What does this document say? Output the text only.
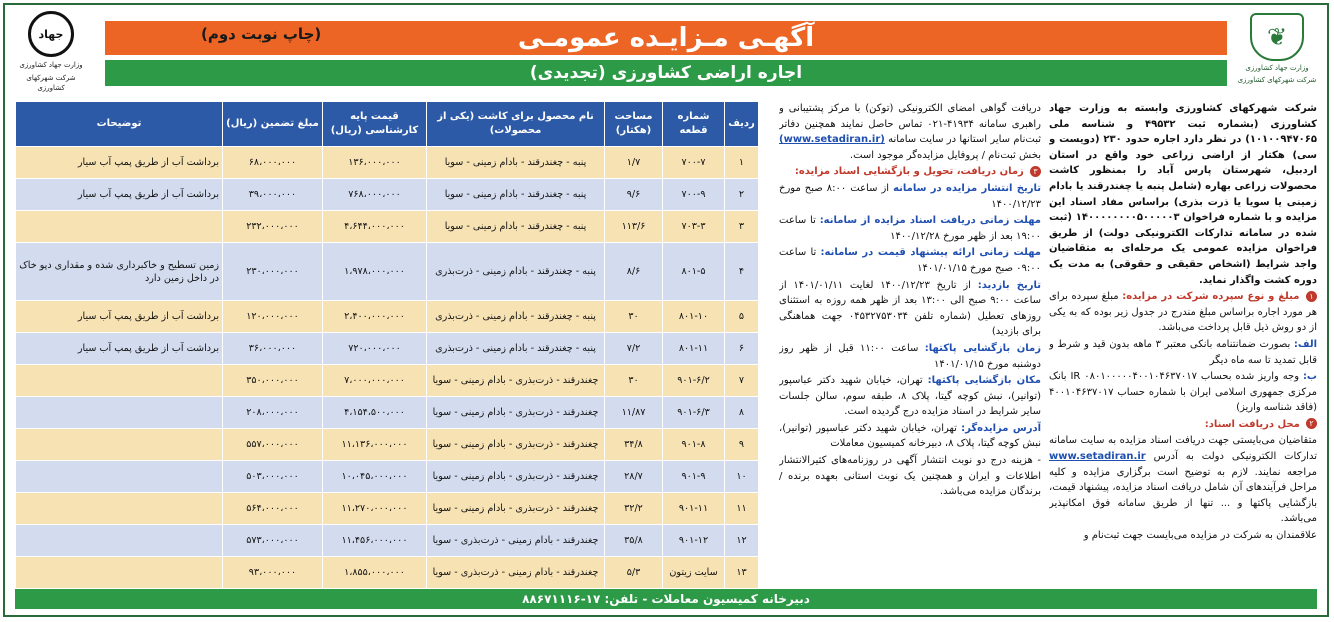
❦
وزارت جهاد کشاورزی
شرکت شهرکهای کشاورزی
جهاد
وزارت جهاد کشاورزی
شرکت شهرکهای کشاورزی
آگهـی مـزایـده عمومـی
(چاپ نوبت دوم)
اجاره اراضی کشاورزی (تجدیدی)

شرکت شهرکهای کشاورزی وابسته به وزارت جهاد کشاورزی (بشماره ثبت ۴۹۵۳۲ و شناسه ملی ۱۰۱۰۰۹۴۷۰۶۵) در نظر دارد اجاره حدود ۲۳۰ (دویست و سی) هکتار از اراضی زراعی خود واقع در استان اردبیل، شهرستان پارس آباد را بمنظور کاشت محصولات زراعی بهاره (شامل پنبه یا چغندرقند یا بادام زمینی یا سویا یا ذرت بذری) براساس مفاد اسناد این مزایده و با شماره فراخوان ۱۴۰۰۰۰۰۰۰۰۵۰۰۰۰۰۳ (ثبت شده در سامانه تدارکات الکترونیکی دولت) از طریق فراخوان مزایده عمومی یک مرحله‌ای به متقاضیان واجد شرایط (اشخاص حقیقی و حقوقی) به مدت یک دوره کشت واگذار نماید.

۱ مبلغ و نوع سپرده شرکت در مزایده: مبلغ سپرده برای هر مورد اجاره براساس مبلغ مندرج در جدول زیر بوده که به یکی از دو روش ذیل قابل پرداخت می‌باشد.

الف: بصورت ضمانتنامه بانکی معتبر ۳ ماهه بدون قید و شرط و قابل تمدید تا سه ماه دیگر

ب: وجه واریز شده بحساب IR ۰۸۰۱۰۰۰۰۰۴۰۰۱۰۴۶۳۷۰۱۷ بانک مرکزی جمهوری اسلامی ایران با شماره حساب ۴۰۰۱۰۴۶۳۷۰۱۷ (فاقد شناسه واریز)

۲ محل دریافت اسناد:

متقاضیان می‌بایستی جهت دریافت اسناد مزایده به سایت سامانه تدارکات الکترونیکی دولت به آدرس www.setadiran.ir مراجعه نمایند. لازم به توضیح است برگزاری مزایده و کلیه مراحل فرآیندهای آن شامل دریافت اسناد مزایده، پیشنهاد قیمت، بازگشایی پاکتها و ... تنها از طریق سامانه فوق امکانپذیر می‌باشد.

علاقمندان به شرکت در مزایده می‌بایست جهت ثبت‌نام و

دریافت گواهی امضای الکترونیکی (توکن) با مرکز پشتیبانی و راهبری سامانه ۴۱۹۳۴-۰۲۱ تماس حاصل نمایند همچنین دفاتر ثبت‌نام سایر استانها در سایت سامانه (www.setadiran.ir) بخش ثبت‌نام / پروفایل مزایده‌گر موجود است.

۳ زمان دریافت، تحویل و بازگشایی اسناد مزایده:

تاریخ انتشار مزایده در سامانه از ساعت ۸:۰۰ صبح مورخ ۱۴۰۰/۱۲/۲۳

مهلت زمانی دریافت اسناد مزایده از سامانه: تا ساعت ۱۹:۰۰ بعد از ظهر مورخ ۱۴۰۰/۱۲/۲۸

مهلت زمانی ارائه پیشنهاد قیمت در سامانه: تا ساعت ۰۹:۰۰ صبح مورخ ۱۴۰۱/۰۱/۱۵

تاریخ بازدید: از تاریخ ۱۴۰۰/۱۲/۲۳ لغایت ۱۴۰۱/۰۱/۱۱ از ساعت ۹:۰۰ صبح الی ۱۳:۰۰ بعد از ظهر همه روزه به استثنای روزهای تعطیل (شماره تلفن ۰۴۵۳۲۷۵۳۰۳۴ جهت هماهنگی برای بازدید)

زمان بازگشایی پاکتها: ساعت ۱۱:۰۰ قبل از ظهر روز دوشنبه مورخ ۱۴۰۱/۰۱/۱۵

مکان بازگشایی پاکتها: تهران، خیابان شهید دکتر عباسپور (توانیر)، نبش کوچه گیتا، پلاک ۸، طبقه سوم، سالن جلسات سایر شرایط در اسناد مزایده درج گردیده است.

آدرس مزایده‌گر: تهران، خیابان شهید دکتر عباسپور (توانیر)، نبش کوچه گیتا، پلاک ۸، دبیرخانه کمیسیون معاملات

- هزینه درج دو نوبت انتشار آگهی در روزنامه‌های کثیرالانتشار اطلاعات و ایران و همچنین یک نوبت استانی بعهده برنده / برندگان مزایده می‌باشد.

ردیف	شماره قطعه	مساحت (هکتار)	نام محصول برای کاشت (یکی از محصولات)	قیمت پایه کارشناسی (ریال)	مبلغ تضمین (ریال)	توضیحات
۱	۷۰۰-۷	۱/۷	پنبه - چغندرقند - بادام زمینی - سویا	۱۳۶،۰۰۰،۰۰۰	۶۸،۰۰۰،۰۰۰	برداشت آب از طریق پمپ آب سیار
۲	۷۰۰-۹	۹/۶	پنبه - چغندرقند - بادام زمینی - سویا	۷۶۸،۰۰۰،۰۰۰	۳۹،۰۰۰،۰۰۰	برداشت آب از طریق پمپ آب سیار
۳	۷۰۳-۳	۱۱۳/۶	پنبه - چغندرقند - بادام زمینی - سویا	۴،۶۴۴،۰۰۰،۰۰۰	۲۳۲،۰۰۰،۰۰۰	
۴	۸۰۱-۵	۸/۶	پنبه - چغندرقند - بادام زمینی - ذرت‌بذری	۱،۹۷۸،۰۰۰،۰۰۰	۲۳۰،۰۰۰،۰۰۰	زمین تسطیح و خاکبرداری شده و مقداری دپو خاک در داخل زمین دارد
۵	۸۰۱-۱۰	۳۰	پنبه - چغندرقند - بادام زمینی - ذرت‌بذری	۲،۴۰۰،۰۰۰،۰۰۰	۱۲۰،۰۰۰،۰۰۰	برداشت آب از طریق پمپ آب سیار
۶	۸۰۱-۱۱	۷/۲	پنبه - چغندرقند - بادام زمینی - ذرت‌بذری	۷۲۰،۰۰۰،۰۰۰	۳۶،۰۰۰،۰۰۰	برداشت آب از طریق پمپ آب سیار
۷	۹۰۱-۶/۲	۳۰	چغندرقند - ذرت‌بذری - بادام زمینی - سویا	۷،۰۰۰،۰۰۰،۰۰۰	۳۵۰،۰۰۰،۰۰۰	
۸	۹۰۱-۶/۳	۱۱/۸۷	چغندرقند - ذرت‌بذری - بادام زمینی - سویا	۴،۱۵۴،۵۰۰،۰۰۰	۲۰۸،۰۰۰،۰۰۰	
۹	۹۰۱-۸	۳۴/۸	چغندرقند - ذرت‌بذری - بادام زمینی - سویا	۱۱،۱۳۶،۰۰۰،۰۰۰	۵۵۷،۰۰۰،۰۰۰	
۱۰	۹۰۱-۹	۲۸/۷	چغندرقند - ذرت‌بذری - بادام زمینی - سویا	۱۰،۰۴۵،۰۰۰،۰۰۰	۵۰۳،۰۰۰،۰۰۰	
۱۱	۹۰۱-۱۱	۳۲/۲	چغندرقند - ذرت‌بذری - بادام زمینی - سویا	۱۱،۲۷۰،۰۰۰،۰۰۰	۵۶۴،۰۰۰،۰۰۰	
۱۲	۹۰۱-۱۲	۳۵/۸	چغندرقند - بادام زمینی - ذرت‌بذری - سویا	۱۱،۴۵۶،۰۰۰،۰۰۰	۵۷۳،۰۰۰،۰۰۰	
۱۳	سایت زیتون	۵/۳	چغندرقند - بادام زمینی - ذرت‌بذری - سویا	۱،۸۵۵،۰۰۰،۰۰۰	۹۳،۰۰۰،۰۰۰	
دبیرخانه کمیسیون معاملات - تلفن: ۱۷-۸۸۶۷۱۱۱۶
